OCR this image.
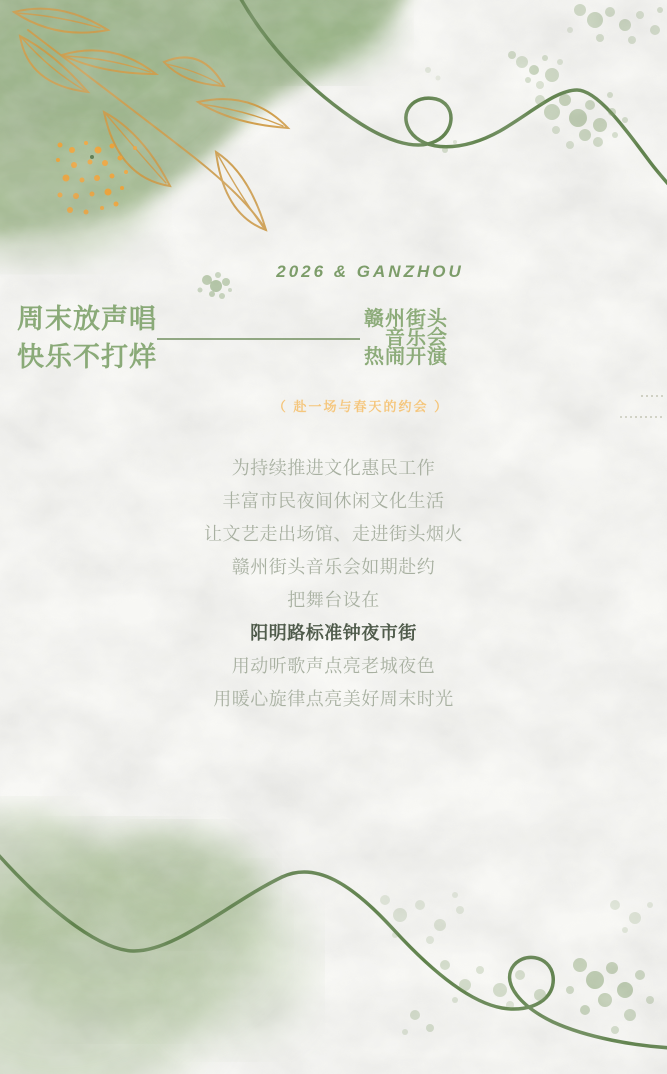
2026 & GANZHOU
周末放声唱
快乐不打烊
赣州街头
音乐会
热闹开演
（ 赴一场与春天的约会 ）

为持续推进文化惠民工作

丰富市民夜间休闲文化生活

让文艺走出场馆、走进街头烟火

赣州街头音乐会如期赴约

把舞台设在

阳明路标准钟夜市街

用动听歌声点亮老城夜色

用暖心旋律点亮美好周末时光
